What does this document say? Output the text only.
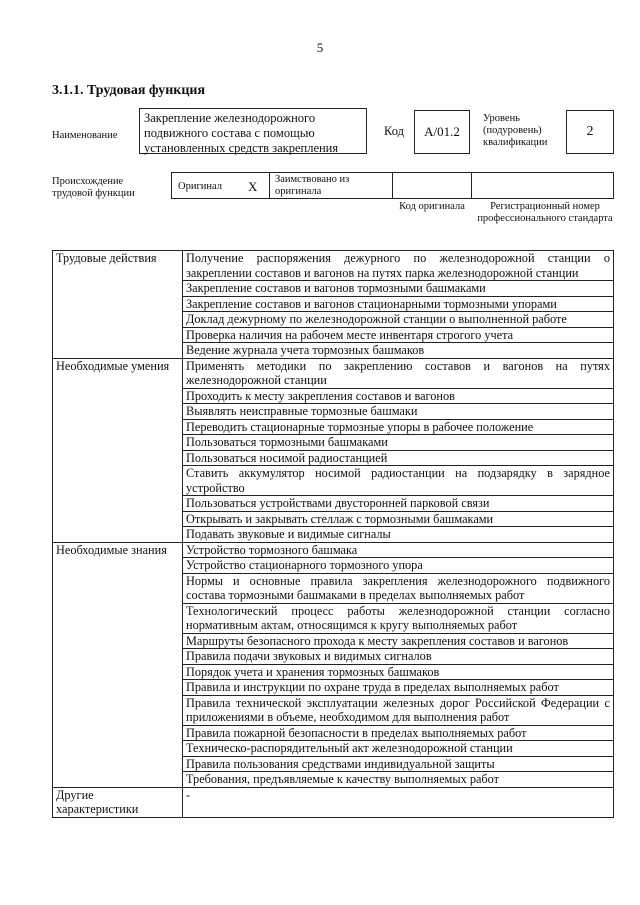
5
3.1.1. Трудовая функция
Наименование
Закрепление железнодорожного подвижного состава с помощью установленных средств закрепления
Код	А/01.2
Уровень (подуровень) квалификации
2
Происхождение трудовой функции
Оригинал Х Заимствовано из оригинала
Код оригинала	Регистрационный номер профессионального стандарта
Трудовые действия	Получение распоряжения дежурного по железнодорожной станции о закреплении составов и вагонов на путях парка железнодорожной станции
	Закрепление составов и вагонов тормозными башмаками
	Закрепление составов и вагонов стационарными тормозными упорами
	Доклад дежурному по железнодорожной станции о выполненной работе
	Проверка наличия на рабочем месте инвентаря строгого учета
	Ведение журнала учета тормозных башмаков
Необходимые умения	Применять методики по закреплению составов и вагонов на путях железнодорожной станции
	Проходить к месту закрепления составов и вагонов
	Выявлять неисправные тормозные башмаки
	Переводить стационарные тормозные упоры в рабочее положение
	Пользоваться тормозными башмаками
	Пользоваться носимой радиостанцией
	Ставить аккумулятор носимой радиостанции на подзарядку в зарядное устройство
	Пользоваться устройствами двусторонней парковой связи
	Открывать и закрывать стеллаж с тормозными башмаками
	Подавать звуковые и видимые сигналы
Необходимые знания	Устройство тормозного башмака
	Устройство стационарного тормозного упора
	Нормы и основные правила закрепления железнодорожного подвижного состава тормозными башмаками в пределах выполняемых работ
	Технологический процесс работы железнодорожной станции согласно нормативным актам, относящимся к кругу выполняемых работ
	Маршруты безопасного прохода к месту закрепления составов и вагонов
	Правила подачи звуковых и видимых сигналов
	Порядок учета и хранения тормозных башмаков
	Правила и инструкции по охране труда в пределах выполняемых работ
	Правила технической эксплуатации железных дорог Российской Федерации с приложениями в объеме, необходимом для выполнения работ
	Правила пожарной безопасности в пределах выполняемых работ
	Техническо-распорядительный акт железнодорожной станции
	Правила пользования средствами индивидуальной защиты
	Требования, предъявляемые к качеству выполняемых работ
Другие характеристики	-
